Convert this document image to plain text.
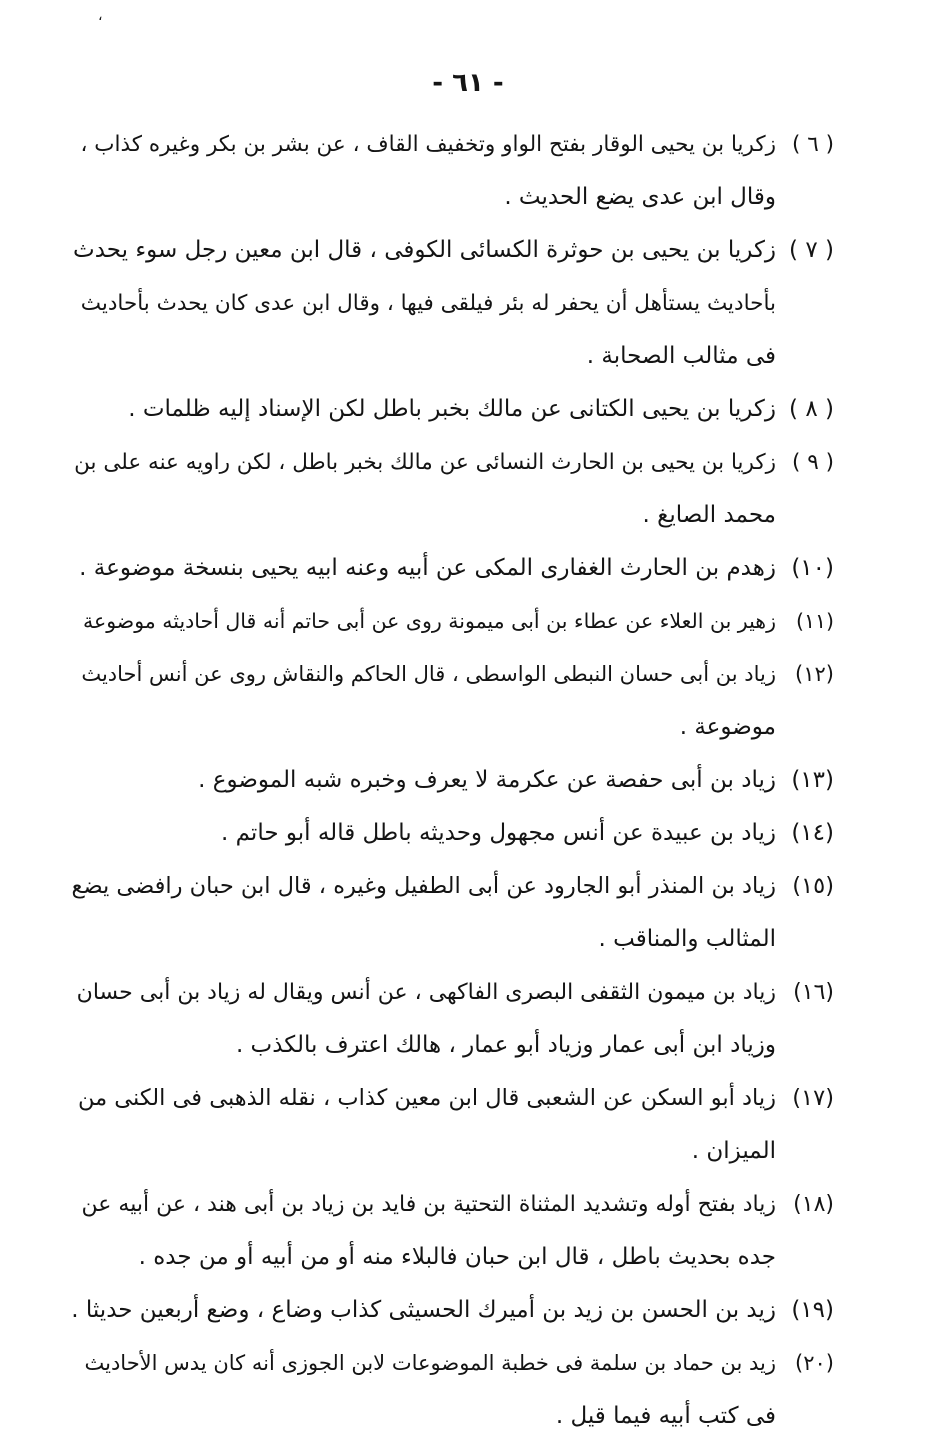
،
- ٦١ -
( ٦ )زكريا بن يحيى الوقار بفتح الواو وتخفيف القاف ، عن بشر بن بكر وغيره كذاب ،
وقال ابن عدى يضع الحديث .
( ٧ )زكريا بن يحيى بن حوثرة الكسائى الكوفى ، قال ابن معين رجل سوء يحدث
بأحاديث يستأهل أن يحفر له بئر فيلقى فيها ، وقال ابن عدى كان يحدث بأحاديث
فى مثالب الصحابة .
( ٨ )زكريا بن يحيى الكتانى عن مالك بخبر باطل لكن الإسناد إليه ظلمات .
( ٩ )زكريا بن يحيى بن الحارث النسائى عن مالك بخبر باطل ، لكن راويه عنه على بن
محمد الصايغ .
(١٠)زهدم بن الحارث الغفارى المكى عن أبيه وعنه ابيه يحيى بنسخة موضوعة .
(١١)زهير بن العلاء عن عطاء بن أبى ميمونة روى عن أبى حاتم أنه قال أحاديثه موضوعة
(١٢)زياد بن أبى حسان النبطى الواسطى ، قال الحاكم والنقاش روى عن أنس أحاديث
موضوعة .
(١٣)زياد بن أبى حفصة عن عكرمة لا يعرف وخبره شبه الموضوع .
(١٤)زياد بن عبيدة عن أنس مجهول وحديثه باطل قاله أبو حاتم .
(١٥)زياد بن المنذر أبو الجارود عن أبى الطفيل وغيره ، قال ابن حبان رافضى يضع
المثالب والمناقب .
(١٦)زياد بن ميمون الثقفى البصرى الفاكهى ، عن أنس ويقال له زياد بن أبى حسان
وزياد ابن أبى عمار وزياد أبو عمار ، هالك اعترف بالكذب .
(١٧)زياد أبو السكن عن الشعبى قال ابن معين كذاب ، نقله الذهبى فى الكنى من
الميزان .
(١٨)زياد بفتح أوله وتشديد المثناة التحتية بن فايد بن زياد بن أبى هند ، عن أبيه عن
جده بحديث باطل ، قال ابن حبان فالبلاء منه أو من أبيه أو من جده .
(١٩)زيد بن الحسن بن زيد بن أميرك الحسيثى كذاب وضاع ، وضع أربعين حديثا .
(٢٠)زيد بن حماد بن سلمة فى خطبة الموضوعات لابن الجوزى أنه كان يدس الأحاديث
فى كتب أبيه فيما قيل .
